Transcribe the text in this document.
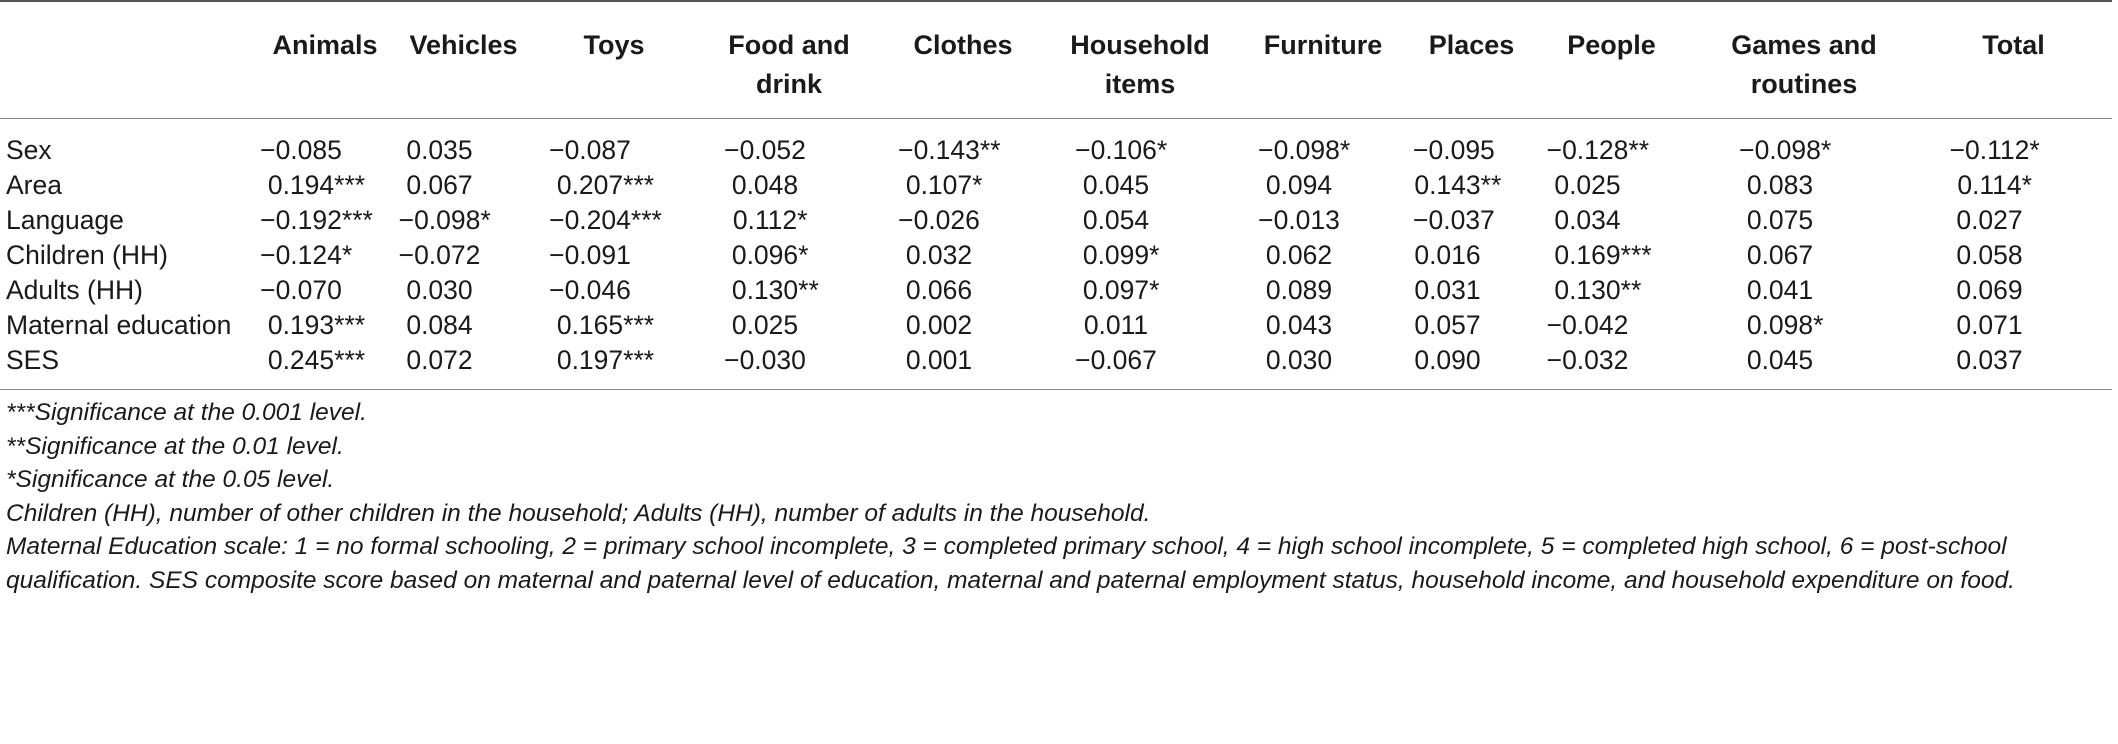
	Animals	Vehicles	Toys	Food and
drink	Clothes	Household
items	Furniture	Places	People	Games and
routines	Total
Sex	−0.085	0.035	−0.087	−0.052	−0.143 **	−0.106 *	−0.098 *	−0.095	−0.128 **	−0.098 *	−0.112 *

Area	0.194 ***	0.067	0.207 ***	0.048	0.107 *	0.045	0.094	0.143 **	0.025	0.083	0.114 *

Language	−0.192 ***	−0.098 *	−0.204 ***	0.112 *	−0.026	0.054	−0.013	−0.037	0.034	0.075	0.027

Children (HH)	−0.124 *	−0.072	−0.091	0.096 *	0.032	0.099 *	0.062	0.016	0.169 ***	0.067	0.058

Adults (HH)	−0.070	0.030	−0.046	0.130 **	0.066	0.097 *	0.089	0.031	0.130 **	0.041	0.069

Maternal education	0.193 ***	0.084	0.165 ***	0.025	0.002	0.011	0.043	0.057	−0.042	0.098 *	0.071

SES	0.245 ***	0.072	0.197 ***	−0.030	0.001	−0.067	0.030	0.090	−0.032	0.045	0.037
***Significance at the 0.001 level.
**Significance at the 0.01 level.
*Significance at the 0.05 level.
Children (HH), number of other children in the household; Adults (HH), number of adults in the household.
Maternal Education scale: 1 = no formal schooling, 2 = primary school incomplete, 3 = completed primary school, 4 = high school incomplete, 5 = completed high school, 6 = post-school qualification. SES composite score based on maternal and paternal level of education, maternal and paternal employment status, household income, and household expenditure on food.
